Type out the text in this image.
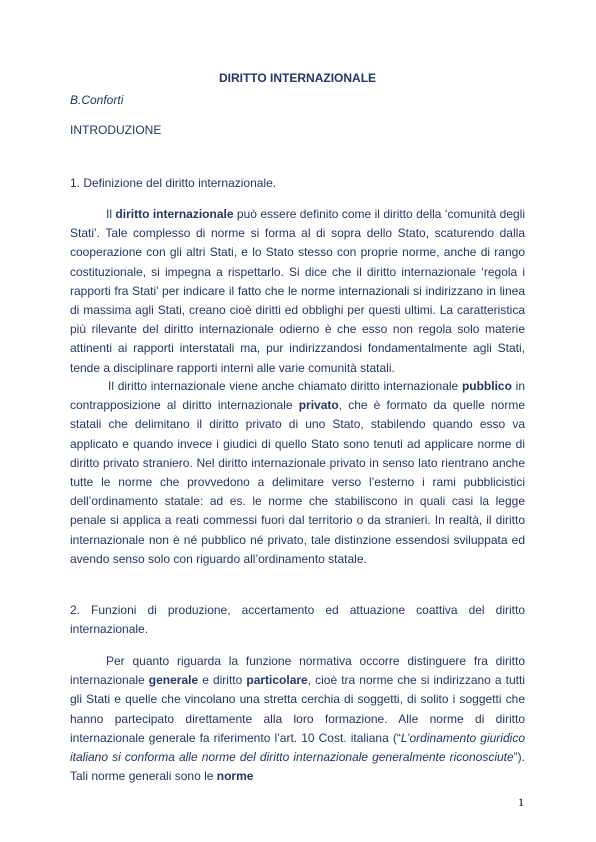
DIRITTO INTERNAZIONALE
B.Conforti
INTRODUZIONE
1. Definizione del diritto internazionale.
Il diritto internazionale può essere definito come il diritto della ‘comunità degli Stati’. Tale complesso di norme si forma al di sopra dello Stato, scaturendo dalla cooperazione con gli altri Stati, e lo Stato stesso con proprie norme, anche di rango costituzionale, si impegna a rispettarlo. Si dice che il diritto internazionale ‘regola i rapporti fra Stati’ per indicare il fatto che le norme internazionali si indirizzano in linea di massima agli Stati, creano cioè diritti ed obblighi per questi ultimi. La caratteristica più rilevante del diritto internazionale odierno è che esso non regola solo materie attinenti ai rapporti interstatali ma, pur indirizzandosi fondamentalmente agli Stati, tende a disciplinare rapporti interni alle varie comunità statali.
Il diritto internazionale viene anche chiamato diritto internazionale pubblico in contrapposizione al diritto internazionale privato, che è formato da quelle norme statali che delimitano il diritto privato di uno Stato, stabilendo quando esso va applicato e quando invece i giudici di quello Stato sono tenuti ad applicare norme di diritto privato straniero. Nel diritto internazionale privato in senso lato rientrano anche tutte le norme che provvedono a delimitare verso l’esterno i rami pubblicistici dell’ordinamento statale: ad es. le norme che stabiliscono in quali casi la legge penale si applica a reati commessi fuori dal territorio o da stranieri. In realtà, il diritto internazionale non è né pubblico né privato, tale distinzione essendosi sviluppata ed avendo senso solo con riguardo all’ordinamento statale.
2. Funzioni di produzione, accertamento ed attuazione coattiva del diritto internazionale.
Per quanto riguarda la funzione normativa occorre distinguere fra diritto internazionale generale e diritto particolare, cioè tra norme che si indirizzano a tutti gli Stati e quelle che vincolano una stretta cerchia di soggetti, di solito i soggetti che hanno partecipato direttamente alla loro formazione. Alle norme di diritto internazionale generale fa riferimento l’art. 10 Cost. italiana (“L’ordinamento giuridico italiano si conforma alle norme del diritto internazionale generalmente riconosciute”). Tali norme generali sono le norme
1
